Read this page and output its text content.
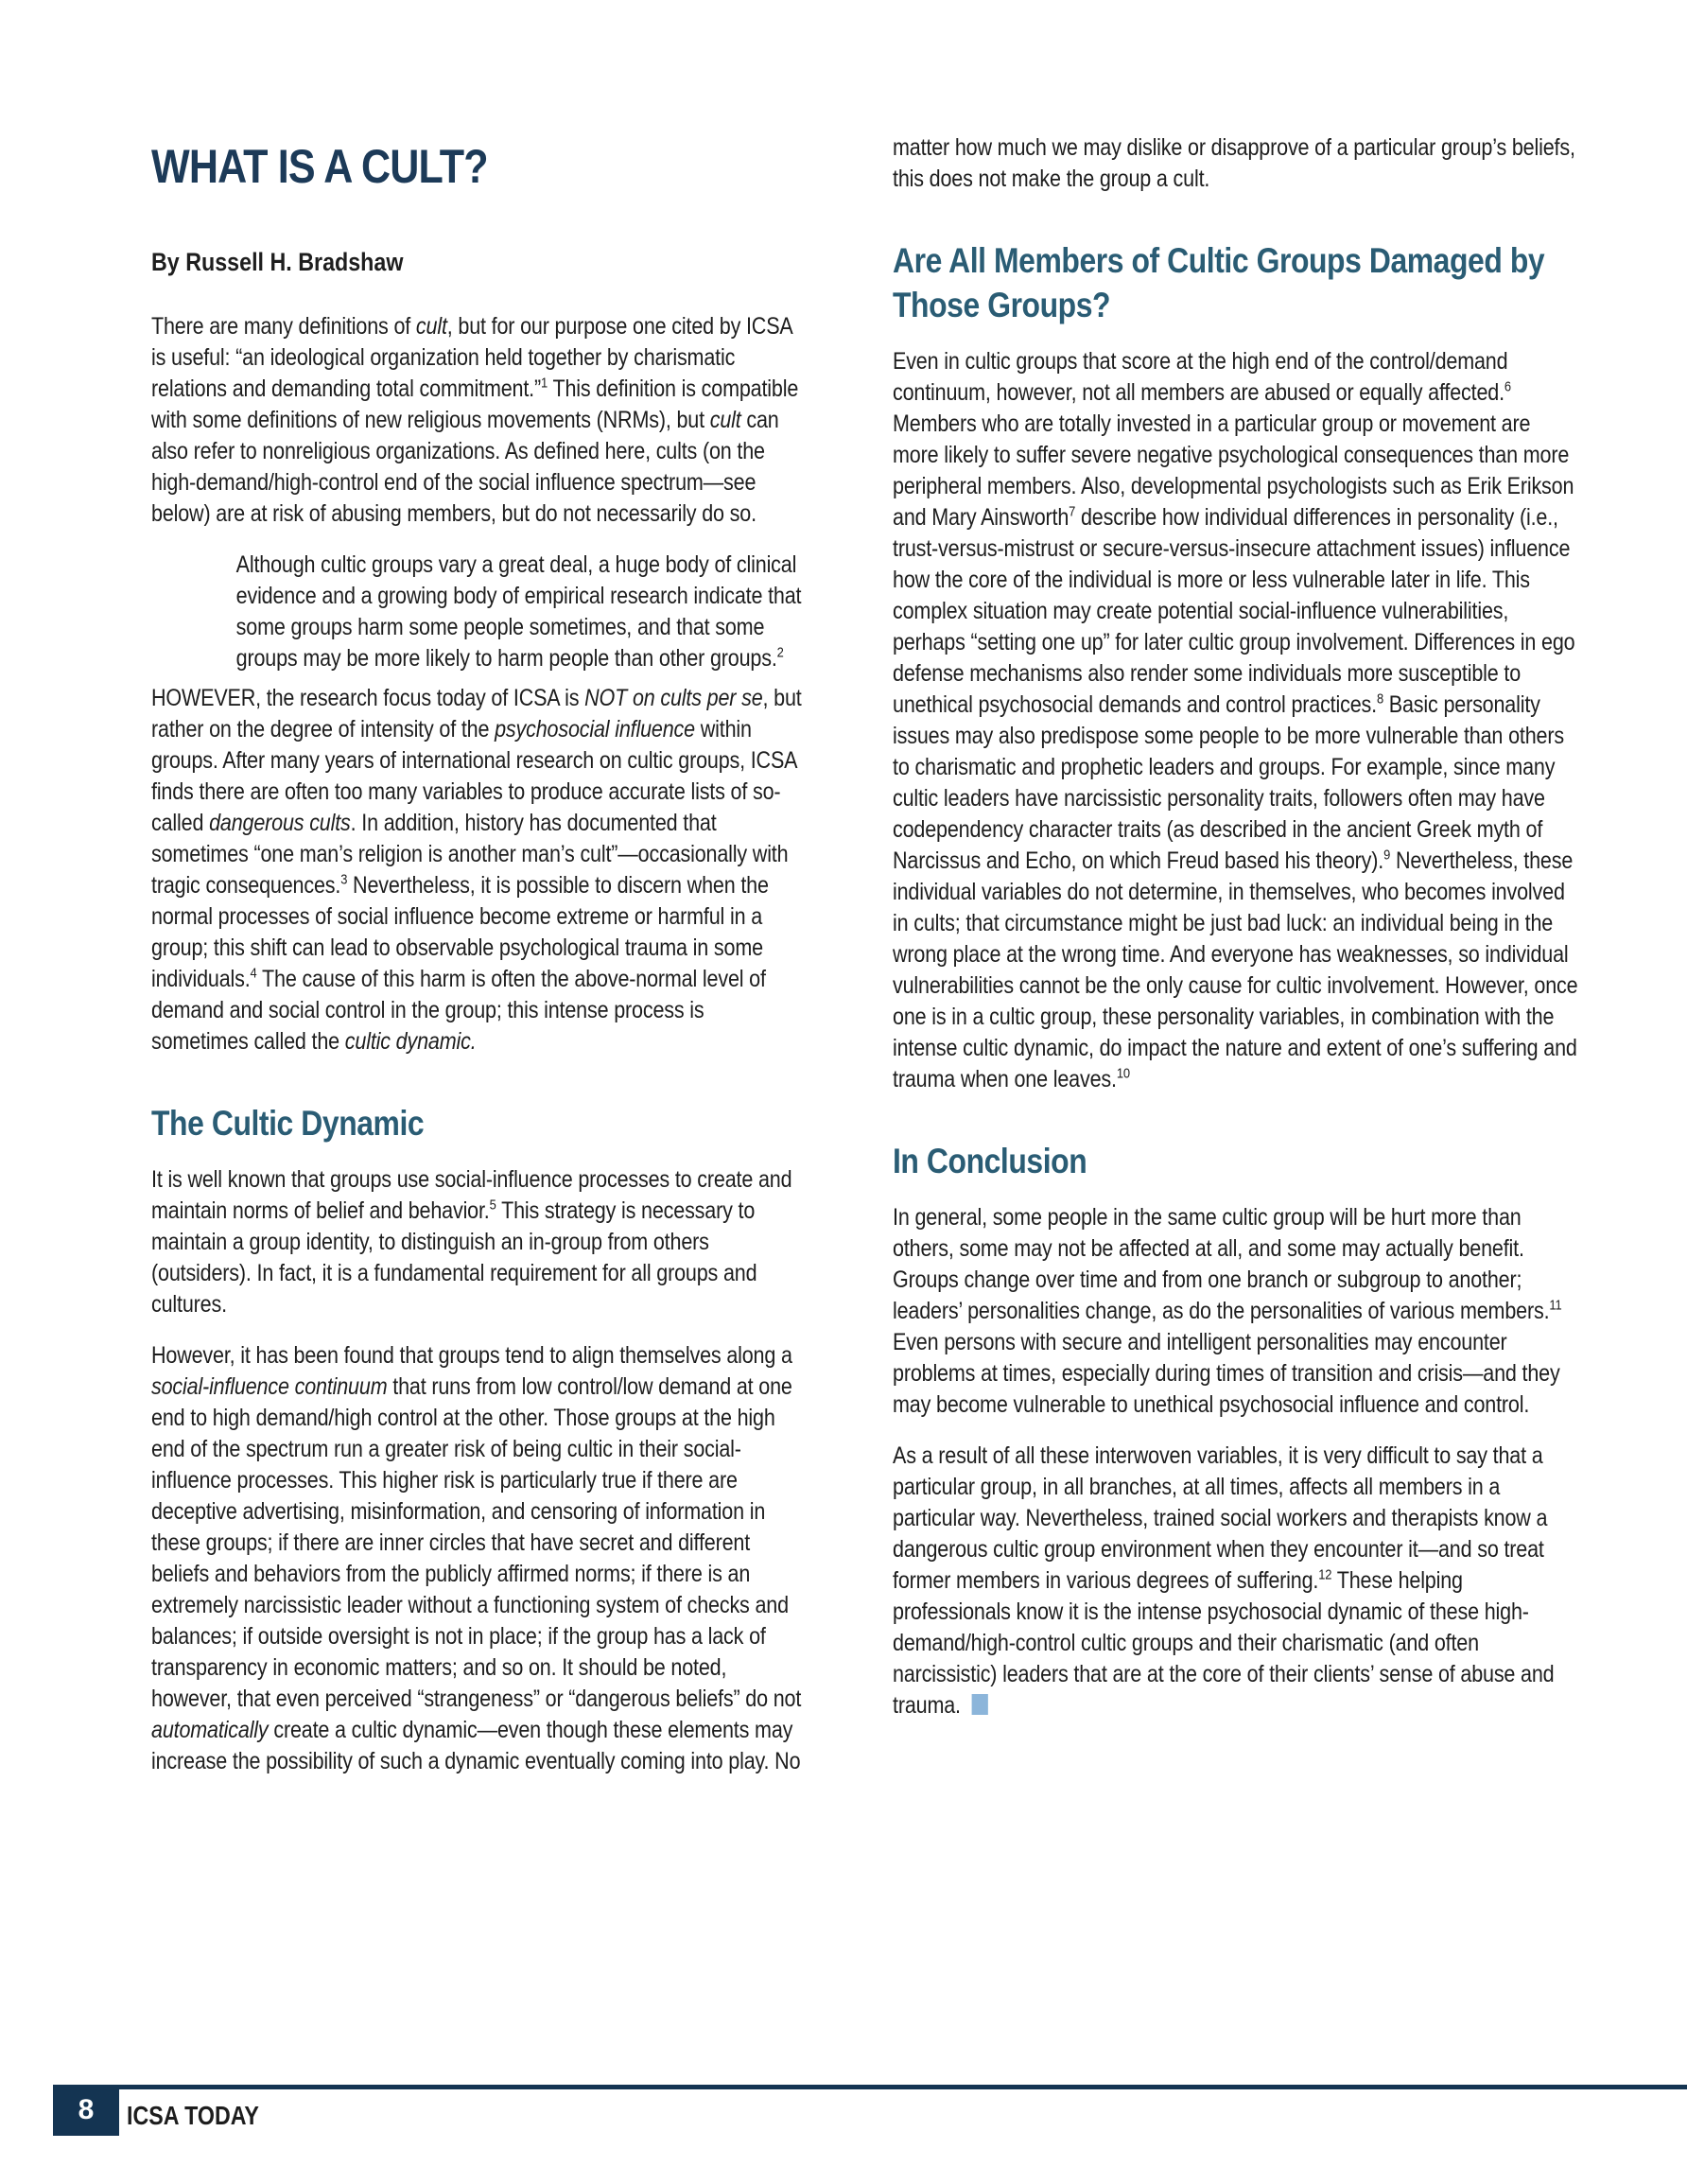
WHAT IS A CULT?
By Russell H. Bradshaw

There are many definitions of cult, but for our purpose one cited by ICSA is useful: “an ideological organization held together by charismatic relations and demanding total commitment.”$^1$ This definition is compatible with some definitions of new religious movements (NRMs), but cult can also refer to nonreligious organizations. As defined here, cults (on the high-demand/high-control end of the social influence spectrum—see below) are at risk of abusing members, but do not necessarily do so.

Although cultic groups vary a great deal, a huge body of clinical evidence and a growing body of empirical research indicate that some groups harm some people sometimes, and that some groups may be more likely to harm people than other groups.$^2$

HOWEVER, the research focus today of ICSA is NOT on cults per se, but rather on the degree of intensity of the psychosocial influence within groups. After many years of international research on cultic groups, ICSA finds there are often too many variables to produce accurate lists of so-called dangerous cults. In addition, history has documented that sometimes “one man’s religion is another man’s cult”—occasionally with tragic consequences.$^3$ Nevertheless, it is possible to discern when the normal processes of social influence become extreme or harmful in a group; this shift can lead to observable psychological trauma in some individuals.$^4$ The cause of this harm is often the above-normal level of demand and social control in the group; this intense process is sometimes called the cultic dynamic.

The Cultic Dynamic

It is well known that groups use social-influence processes to create and maintain norms of belief and behavior.$^5$ This strategy is necessary to maintain a group identity, to distinguish an in-group from others (outsiders). In fact, it is a fundamental requirement for all groups and cultures.

However, it has been found that groups tend to align themselves along a social-influence continuum that runs from low control/low demand at one end to high demand/high control at the other. Those groups at the high end of the spectrum run a greater risk of being cultic in their social-influence processes. This higher risk is particularly true if there are deceptive advertising, misinformation, and censoring of information in these groups; if there are inner circles that have secret and different beliefs and behaviors from the publicly affirmed norms; if there is an extremely narcissistic leader without a functioning system of checks and balances; if outside oversight is not in place; if the group has a lack of transparency in economic matters; and so on. It should be noted, however, that even perceived “strangeness” or “dangerous beliefs” do not automatically create a cultic dynamic—even though these elements may increase the possibility of such a dynamic eventually coming into play. No

matter how much we may dislike or disapprove of a particular group’s beliefs, this does not make the group a cult.

Are All Members of Cultic Groups Damaged by Those Groups?

Even in cultic groups that score at the high end of the control/demand continuum, however, not all members are abused or equally affected.$^6$ Members who are totally invested in a particular group or movement are more likely to suffer severe negative psychological consequences than more peripheral members. Also, developmental psychologists such as Erik Erikson and Mary Ainsworth$^7$ describe how individual differences in personality (i.e., trust-versus-mistrust or secure-versus-insecure attachment issues) influence how the core of the individual is more or less vulnerable later in life. This complex situation may create potential social-influence vulnerabilities, perhaps “setting one up” for later cultic group involvement. Differences in ego defense mechanisms also render some individuals more susceptible to unethical psychosocial demands and control practices.$^8$ Basic personality issues may also predispose some people to be more vulnerable than others to charismatic and prophetic leaders and groups. For example, since many cultic leaders have narcissistic personality traits, followers often may have codependency character traits (as described in the ancient Greek myth of Narcissus and Echo, on which Freud based his theory).$^9$ Nevertheless, these individual variables do not determine, in themselves, who becomes involved in cults; that circumstance might be just bad luck: an individual being in the wrong place at the wrong time. And everyone has weaknesses, so individual vulnerabilities cannot be the only cause for cultic involvement. However, once one is in a cultic group, these personality variables, in combination with the intense cultic dynamic, do impact the nature and extent of one’s suffering and trauma when one leaves.$^{10}$

In Conclusion

In general, some people in the same cultic group will be hurt more than others, some may not be affected at all, and some may actually benefit. Groups change over time and from one branch or subgroup to another; leaders’ personalities change, as do the personalities of various members.$^{11}$ Even persons with secure and intelligent personalities may encounter problems at times, especially during times of transition and crisis—and they may become vulnerable to unethical psychosocial influence and control.

As a result of all these interwoven variables, it is very difficult to say that a particular group, in all branches, at all times, affects all members in a particular way. Nevertheless, trained social workers and therapists know a dangerous cultic group environment when they encounter it—and so treat former members in various degrees of suffering.$^{12}$ These helping professionals know it is the intense psychosocial dynamic of these high-demand/high-control cultic groups and their charismatic (and often narcissistic) leaders that are at the core of their clients’ sense of abuse and trauma.

8 ICSA TODAY
